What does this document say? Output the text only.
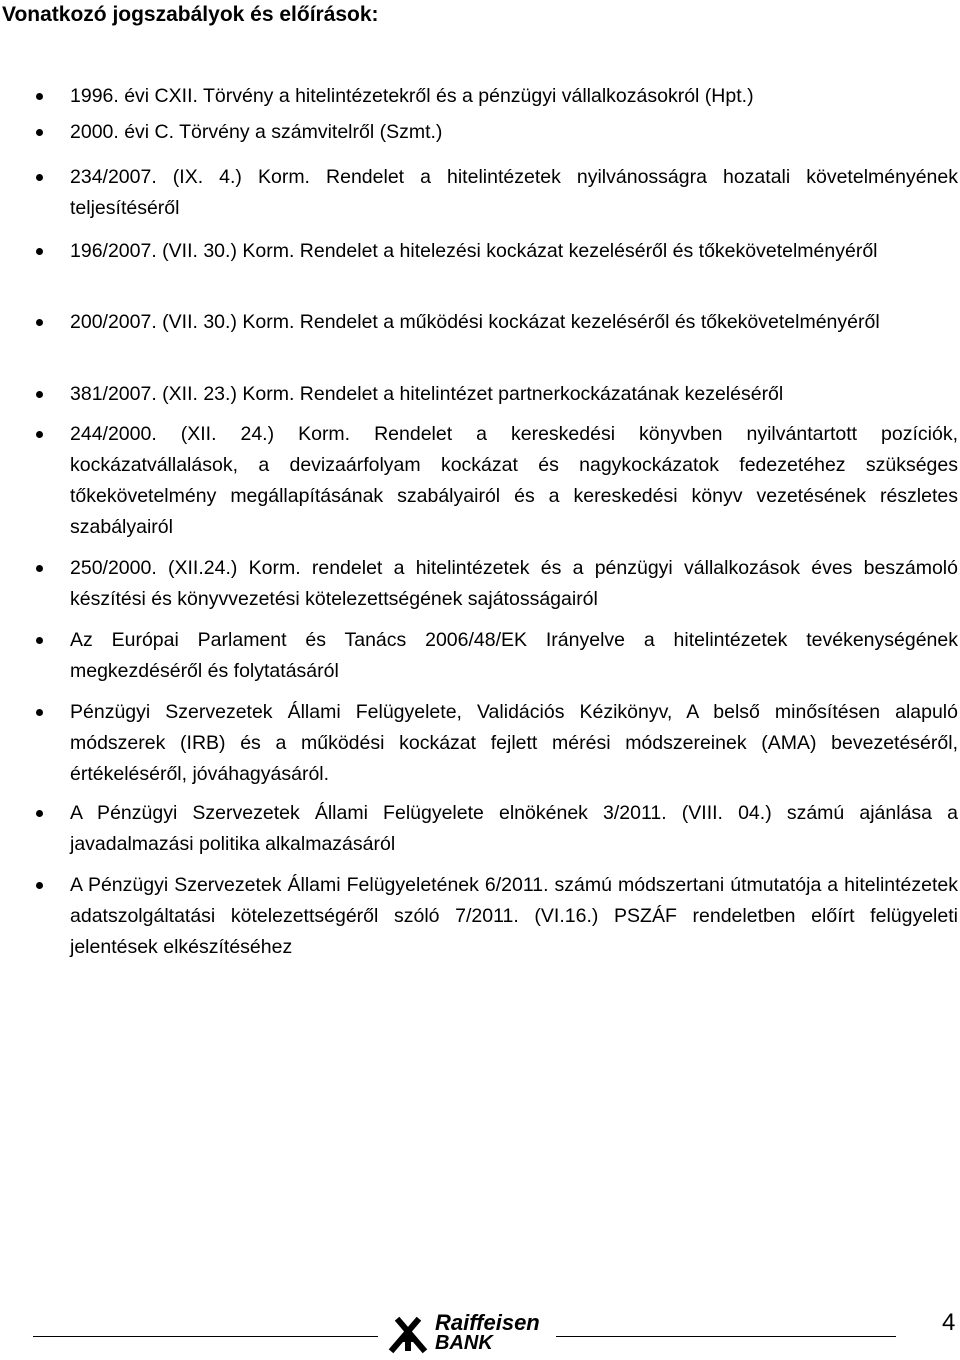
Vonatkozó jogszabályok és előírások:
1996. évi CXII. Törvény a hitelintézetekről és a pénzügyi vállalkozásokról (Hpt.)
2000. évi C. Törvény a számvitelről (Szmt.)
234/2007. (IX. 4.) Korm. Rendelet a hitelintézetek nyilvánosságra hozatali követelményének teljesítéséről
196/2007. (VII. 30.) Korm. Rendelet a hitelezési kockázat kezeléséről és tőkekövetelményéről
200/2007. (VII. 30.) Korm. Rendelet a működési kockázat kezeléséről és tőkekövetelményéről
381/2007. (XII. 23.) Korm. Rendelet a hitelintézet partnerkockázatának kezeléséről
244/2000. (XII. 24.) Korm. Rendelet a kereskedési könyvben nyilvántartott pozíciók, kockázatvállalások, a devizaárfolyam kockázat és nagykockázatok fedezetéhez szükséges tőkekövetelmény megállapításának szabályairól és a kereskedési könyv vezetésének részletes szabályairól
250/2000. (XII.24.) Korm. rendelet a hitelintézetek és a pénzügyi vállalkozások éves beszámoló készítési és könyvvezetési kötelezettségének sajátosságairól
Az Európai Parlament és Tanács 2006/48/EK Irányelve a hitelintézetek tevékenységének megkezdéséről és folytatásáról
Pénzügyi Szervezetek Állami Felügyelete, Validációs Kézikönyv, A belső minősítésen alapuló módszerek (IRB) és a működési kockázat fejlett mérési módszereinek (AMA) bevezetéséről, értékeléséről, jóváhagyásáról.
A Pénzügyi Szervezetek Állami Felügyelete elnökének 3/2011. (VIII. 04.) számú ajánlása a javadalmazási politika alkalmazásáról
A Pénzügyi Szervezetek Állami Felügyeletének 6/2011. számú módszertani útmutatója a hitelintézetek adatszolgáltatási kötelezettségéről szóló 7/2011. (VI.16.) PSZÁF rendeletben előírt felügyeleti jelentések elkészítéséhez
Raiffeisen
BANK
4
